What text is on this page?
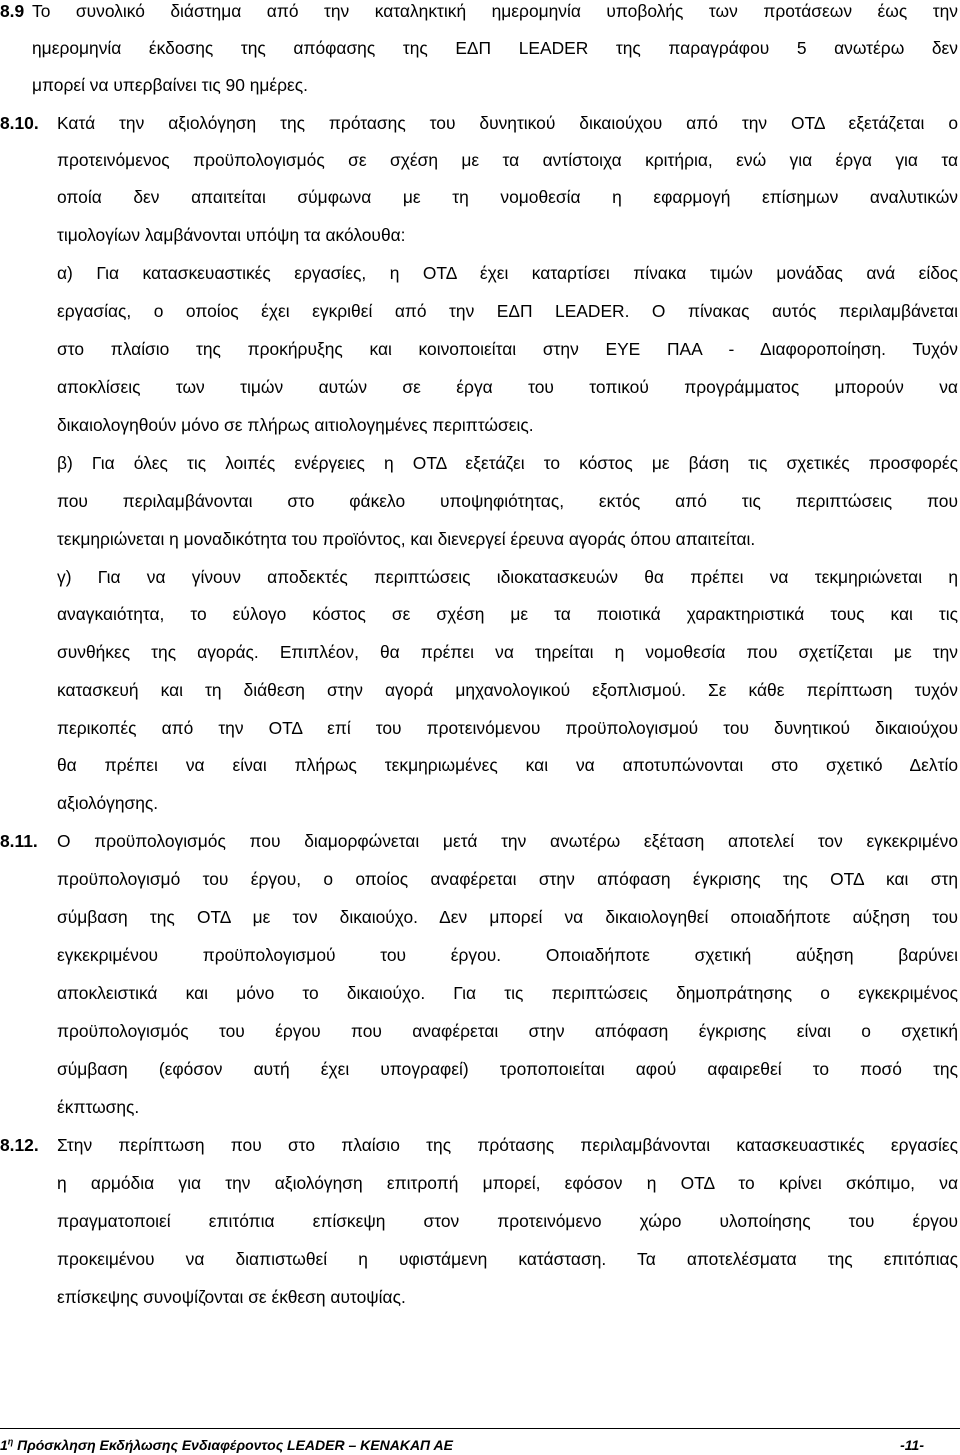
8.9 Το συνολικό διάστημα από την καταληκτική ημερομηνία υποβολής των προτάσεων έως την
ημερομηνία έκδοσης της απόφασης της ΕΔΠ LEADER της παραγράφου 5 ανωτέρω δεν
μπορεί να υπερβαίνει τις 90 ημέρες.
8.10. Κατά την αξιολόγηση της πρότασης του δυνητικού δικαιούχου από την ΟΤΔ εξετάζεται ο
προτεινόμενος προϋπολογισμός σε σχέση με τα αντίστοιχα κριτήρια, ενώ για έργα για τα
οποία δεν απαιτείται σύμφωνα με τη νομοθεσία η εφαρμογή επίσημων αναλυτικών
τιμολογίων λαμβάνονται υπόψη τα ακόλουθα:
α) Για κατασκευαστικές εργασίες, η ΟΤΔ έχει καταρτίσει πίνακα τιμών μονάδας ανά είδος
εργασίας, ο οποίος έχει εγκριθεί από την ΕΔΠ LEADER. Ο πίνακας αυτός περιλαμβάνεται
στο πλαίσιο της προκήρυξης και κοινοποιείται στην ΕΥΕ ΠΑΑ - Διαφοροποίηση. Τυχόν
αποκλίσεις των τιμών αυτών σε έργα του τοπικού προγράμματος μπορούν να
δικαιολογηθούν μόνο σε πλήρως αιτιολογημένες περιπτώσεις.
β) Για όλες τις λοιπές ενέργειες η ΟΤΔ εξετάζει το κόστος με βάση τις σχετικές προσφορές
που περιλαμβάνονται στο φάκελο υποψηφιότητας, εκτός από τις περιπτώσεις που
τεκμηριώνεται η μοναδικότητα του προϊόντος, και διενεργεί έρευνα αγοράς όπου απαιτείται.
γ) Για να γίνουν αποδεκτές περιπτώσεις ιδιοκατασκευών θα πρέπει να τεκμηριώνεται η
αναγκαιότητα, το εύλογο κόστος σε σχέση με τα ποιοτικά χαρακτηριστικά τους και τις
συνθήκες της αγοράς. Επιπλέον, θα πρέπει να τηρείται η νομοθεσία που σχετίζεται με την
κατασκευή και τη διάθεση στην αγορά μηχανολογικού εξοπλισμού. Σε κάθε περίπτωση τυχόν
περικοπές από την ΟΤΔ επί του προτεινόμενου προϋπολογισμού του δυνητικού δικαιούχου
θα πρέπει να είναι πλήρως τεκμηριωμένες και να αποτυπώνονται στο σχετικό Δελτίο
αξιολόγησης.
8.11. Ο προϋπολογισμός που διαμορφώνεται μετά την ανωτέρω εξέταση αποτελεί τον εγκεκριμένο
προϋπολογισμό του έργου, ο οποίος αναφέρεται στην απόφαση έγκρισης της ΟΤΔ και στη
σύμβαση της ΟΤΔ με τον δικαιούχο. Δεν μπορεί να δικαιολογηθεί οποιαδήποτε αύξηση του
εγκεκριμένου προϋπολογισμού του έργου. Οποιαδήποτε σχετική αύξηση βαρύνει
αποκλειστικά και μόνο το δικαιούχο. Για τις περιπτώσεις δημοπράτησης ο εγκεκριμένος
προϋπολογισμός του έργου που αναφέρεται στην απόφαση έγκρισης είναι ο σχετική
σύμβαση (εφόσον αυτή έχει υπογραφεί) τροποποιείται αφού αφαιρεθεί το ποσό της
έκπτωσης.
8.12. Στην περίπτωση που στο πλαίσιο της πρότασης περιλαμβάνονται κατασκευαστικές εργασίες
η αρμόδια για την αξιολόγηση επιτροπή μπορεί, εφόσον η ΟΤΔ το κρίνει σκόπιμο, να
πραγματοποιεί επιτόπια επίσκεψη στον προτεινόμενο χώρο υλοποίησης του έργου
προκειμένου να διαπιστωθεί η υφιστάμενη κατάσταση. Τα αποτελέσματα της επιτόπιας
επίσκεψης συνοψίζονται σε έκθεση αυτοψίας.
$1^\eta$ Πρόσκληση Εκδήλωσης Ενδιαφέροντος LEADER – ΚΕΝΑΚΑΠ ΑΕ	-11-
